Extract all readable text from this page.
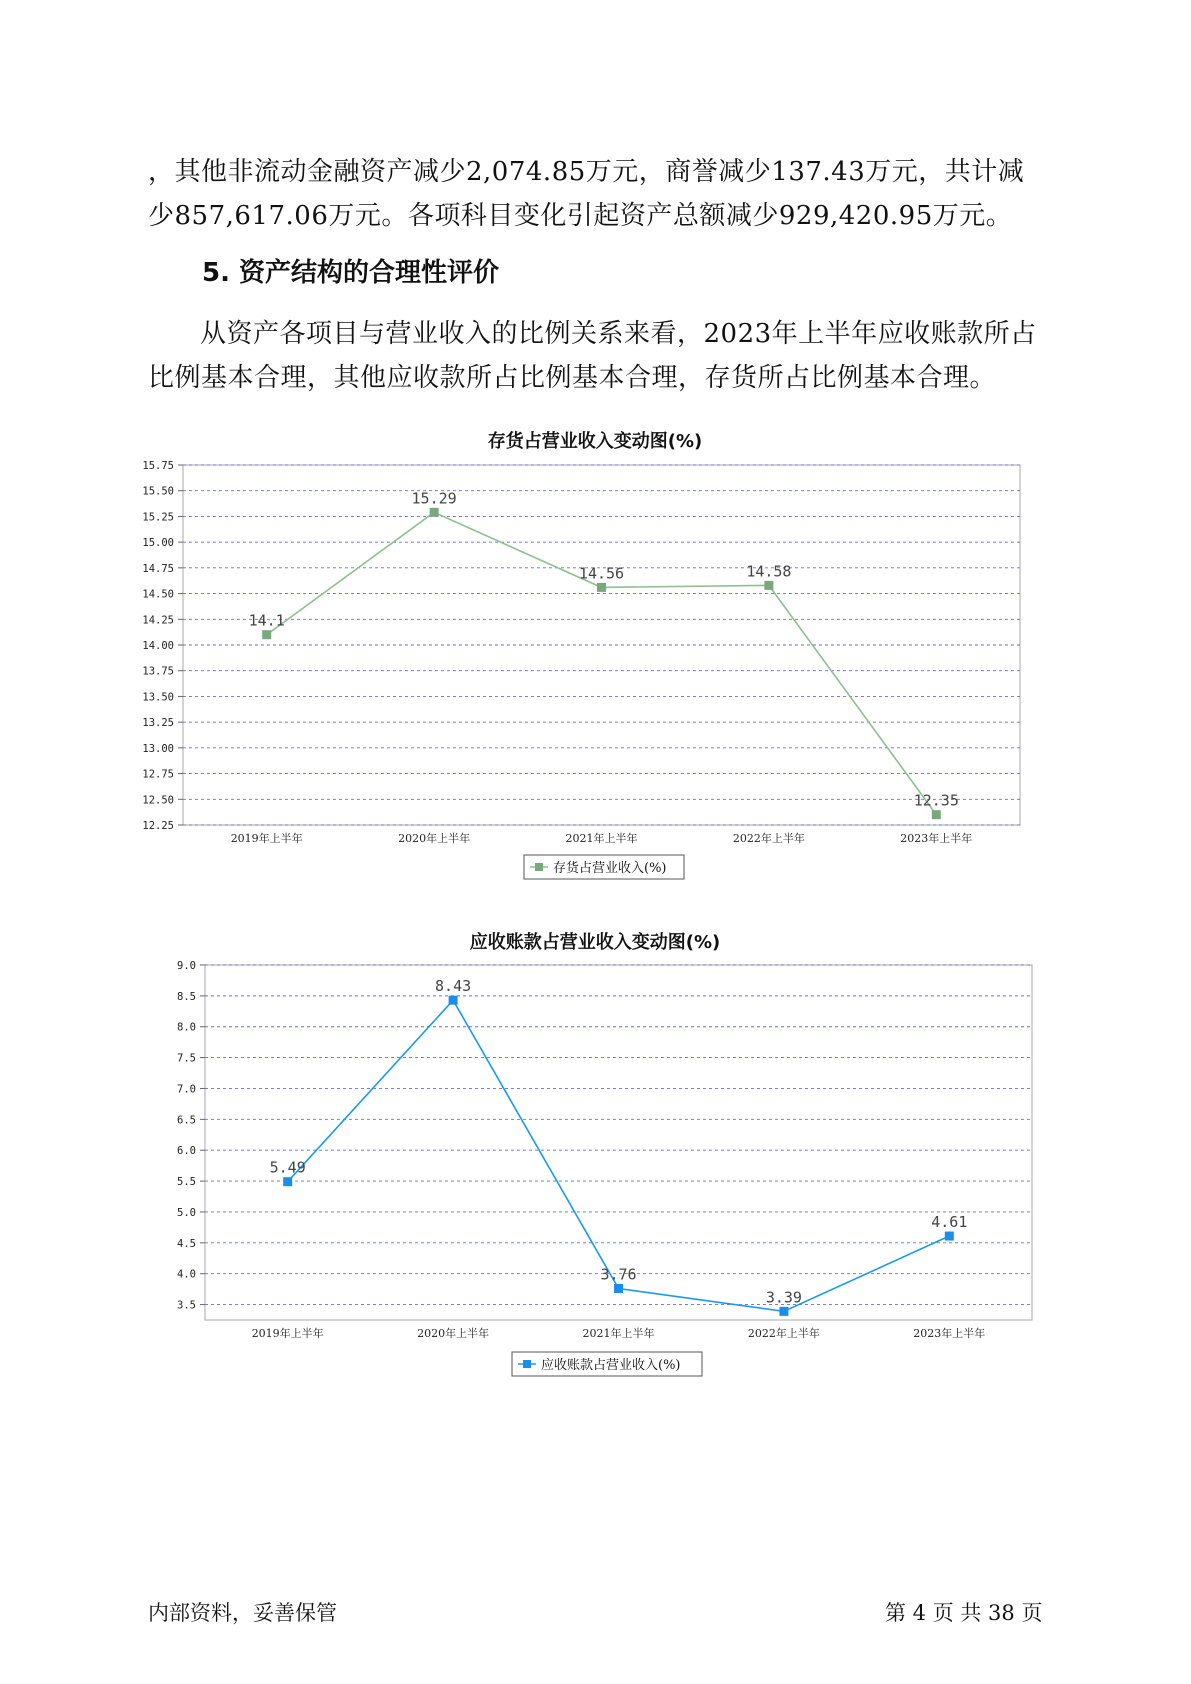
，其他非流动金融资产减少2,074.85万元，商誉减少137.43万元，共计减少857,617.06万元。各项科目变化引起资产总额减少929,420.95万元。
5. 资产结构的合理性评价
从资产各项目与营业收入的比例关系来看，2023年上半年应收账款所占比例基本合理，其他应收款所占比例基本合理，存货所占比例基本合理。
存货占营业收入变动图(%)
12.25
12.50
12.75
13.00
13.25
13.50
13.75
14.00
14.25
14.50
14.75
15.00
15.25
15.50
15.75
2019年上半年	2020年上半年	2021年上半年	2022年上半年	2023年上半年
14.1
15.29
14.56	14.58
12.35
存货占营业收入(%)
应收账款占营业收入变动图(%)
3.5
4.0
4.5
5.0
5.5
6.0
6.5
7.0
7.5
8.0
8.5
9.0
2019年上半年	2020年上半年	2021年上半年	2022年上半年	2023年上半年
5.49
8.43
3.76
3.39
4.61
应收账款占营业收入(%)
内部资料，妥善保管	第 4 页 共 38 页
